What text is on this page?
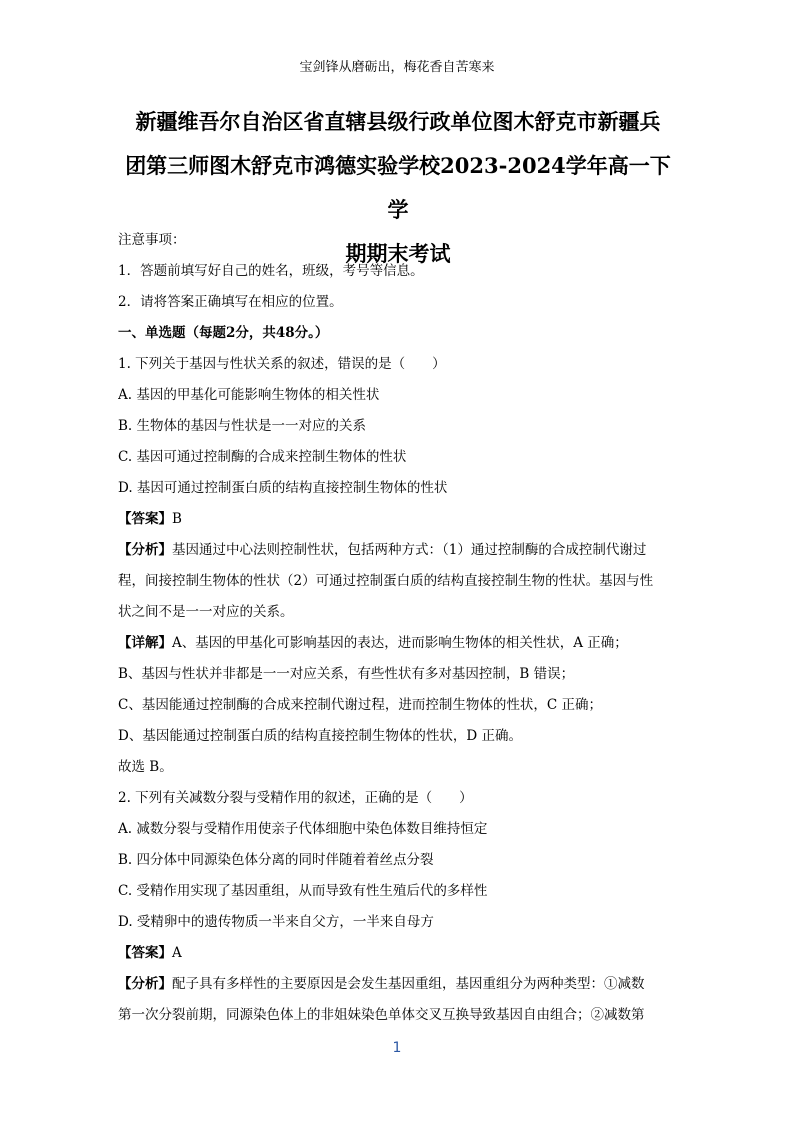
宝剑锋从磨砺出，梅花香自苦寒来
新疆维吾尔自治区省直辖县级行政单位图木舒克市新疆兵
团第三师图木舒克市鸿德实验学校2023-2024学年高一下学
期期末考试
注意事项：
1．答题前填写好自己的姓名，班级，考号等信息。
2．请将答案正确填写在相应的位置。
一、单选题（每题2分，共48分。）
1. 下列关于基因与性状关系的叙述，错误的是（　　）
A. 基因的甲基化可能影响生物体的相关性状
B. 生物体的基因与性状是一一对应的关系
C. 基因可通过控制酶的合成来控制生物体的性状
D. 基因可通过控制蛋白质的结构直接控制生物体的性状
【答案】B
【分析】基因通过中心法则控制性状，包括两种方式：（1）通过控制酶的合成控制代谢过
程，间接控制生物体的性状（2）可通过控制蛋白质的结构直接控制生物的性状。基因与性
状之间不是一一对应的关系。
【详解】A、基因的甲基化可影响基因的表达，进而影响生物体的相关性状，A 正确；
B、基因与性状并非都是一一对应关系，有些性状有多对基因控制，B 错误；
C、基因能通过控制酶的合成来控制代谢过程，进而控制生物体的性状，C 正确；
D、基因能通过控制蛋白质的结构直接控制生物体的性状，D 正确。
故选 B。
2. 下列有关减数分裂与受精作用的叙述，正确的是（　　）
A. 减数分裂与受精作用使亲子代体细胞中染色体数目维持恒定
B. 四分体中同源染色体分离的同时伴随着着丝点分裂
C. 受精作用实现了基因重组，从而导致有性生殖后代的多样性
D. 受精卵中的遗传物质一半来自父方，一半来自母方
【答案】A
【分析】配子具有多样性的主要原因是会发生基因重组，基因重组分为两种类型：①减数
第一次分裂前期，同源染色体上的非姐妹染色单体交叉互换导致基因自由组合；②减数第
1
